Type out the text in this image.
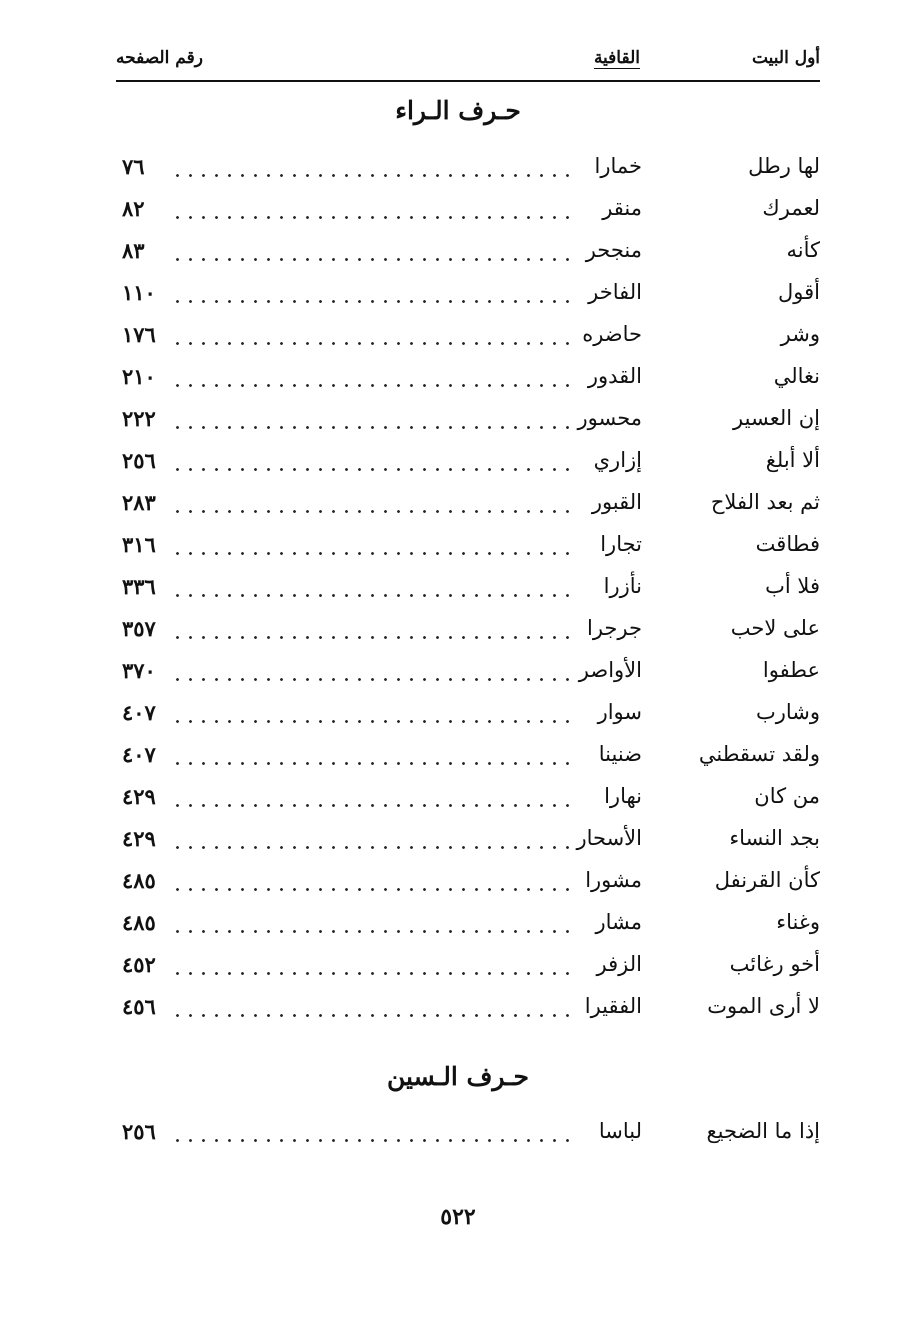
أول البيت
القافية
رقم الصفحه
حـرف الـراء
لها رطل
خمارا
٧٦
لعمرك
منقر
٨٢
كأنه
منجحر
٨٣
أقول
الفاخر
١١٠
وشر
حاضره
١٧٦
نغالي
القدور
٢١٠
إن العسير
محسور
٢٢٢
ألا أبلغ
إزاري
٢٥٦
ثم بعد الفلاح
القبور
٢٨٣
فطاقت
تجارا
٣١٦
فلا أب
نأزرا
٣٣٦
على لاحب
جرجرا
٣٥٧
عطفوا
الأواصر
٣٧٠
وشارب
سوار
٤٠٧
ولقد تسقطني
ضنينا
٤٠٧
من كان
نهارا
٤٢٩
بجد النساء
الأسحار
٤٢٩
كأن القرنفل
مشورا
٤٨٥
وغناء
مشار
٤٨٥
أخو رغائب
الزفر
٤٥٢
لا أرى الموت
الفقيرا
٤٥٦
حـرف الـسين
إذا ما الضجيع
لباسا
٢٥٦
٥٢٢
